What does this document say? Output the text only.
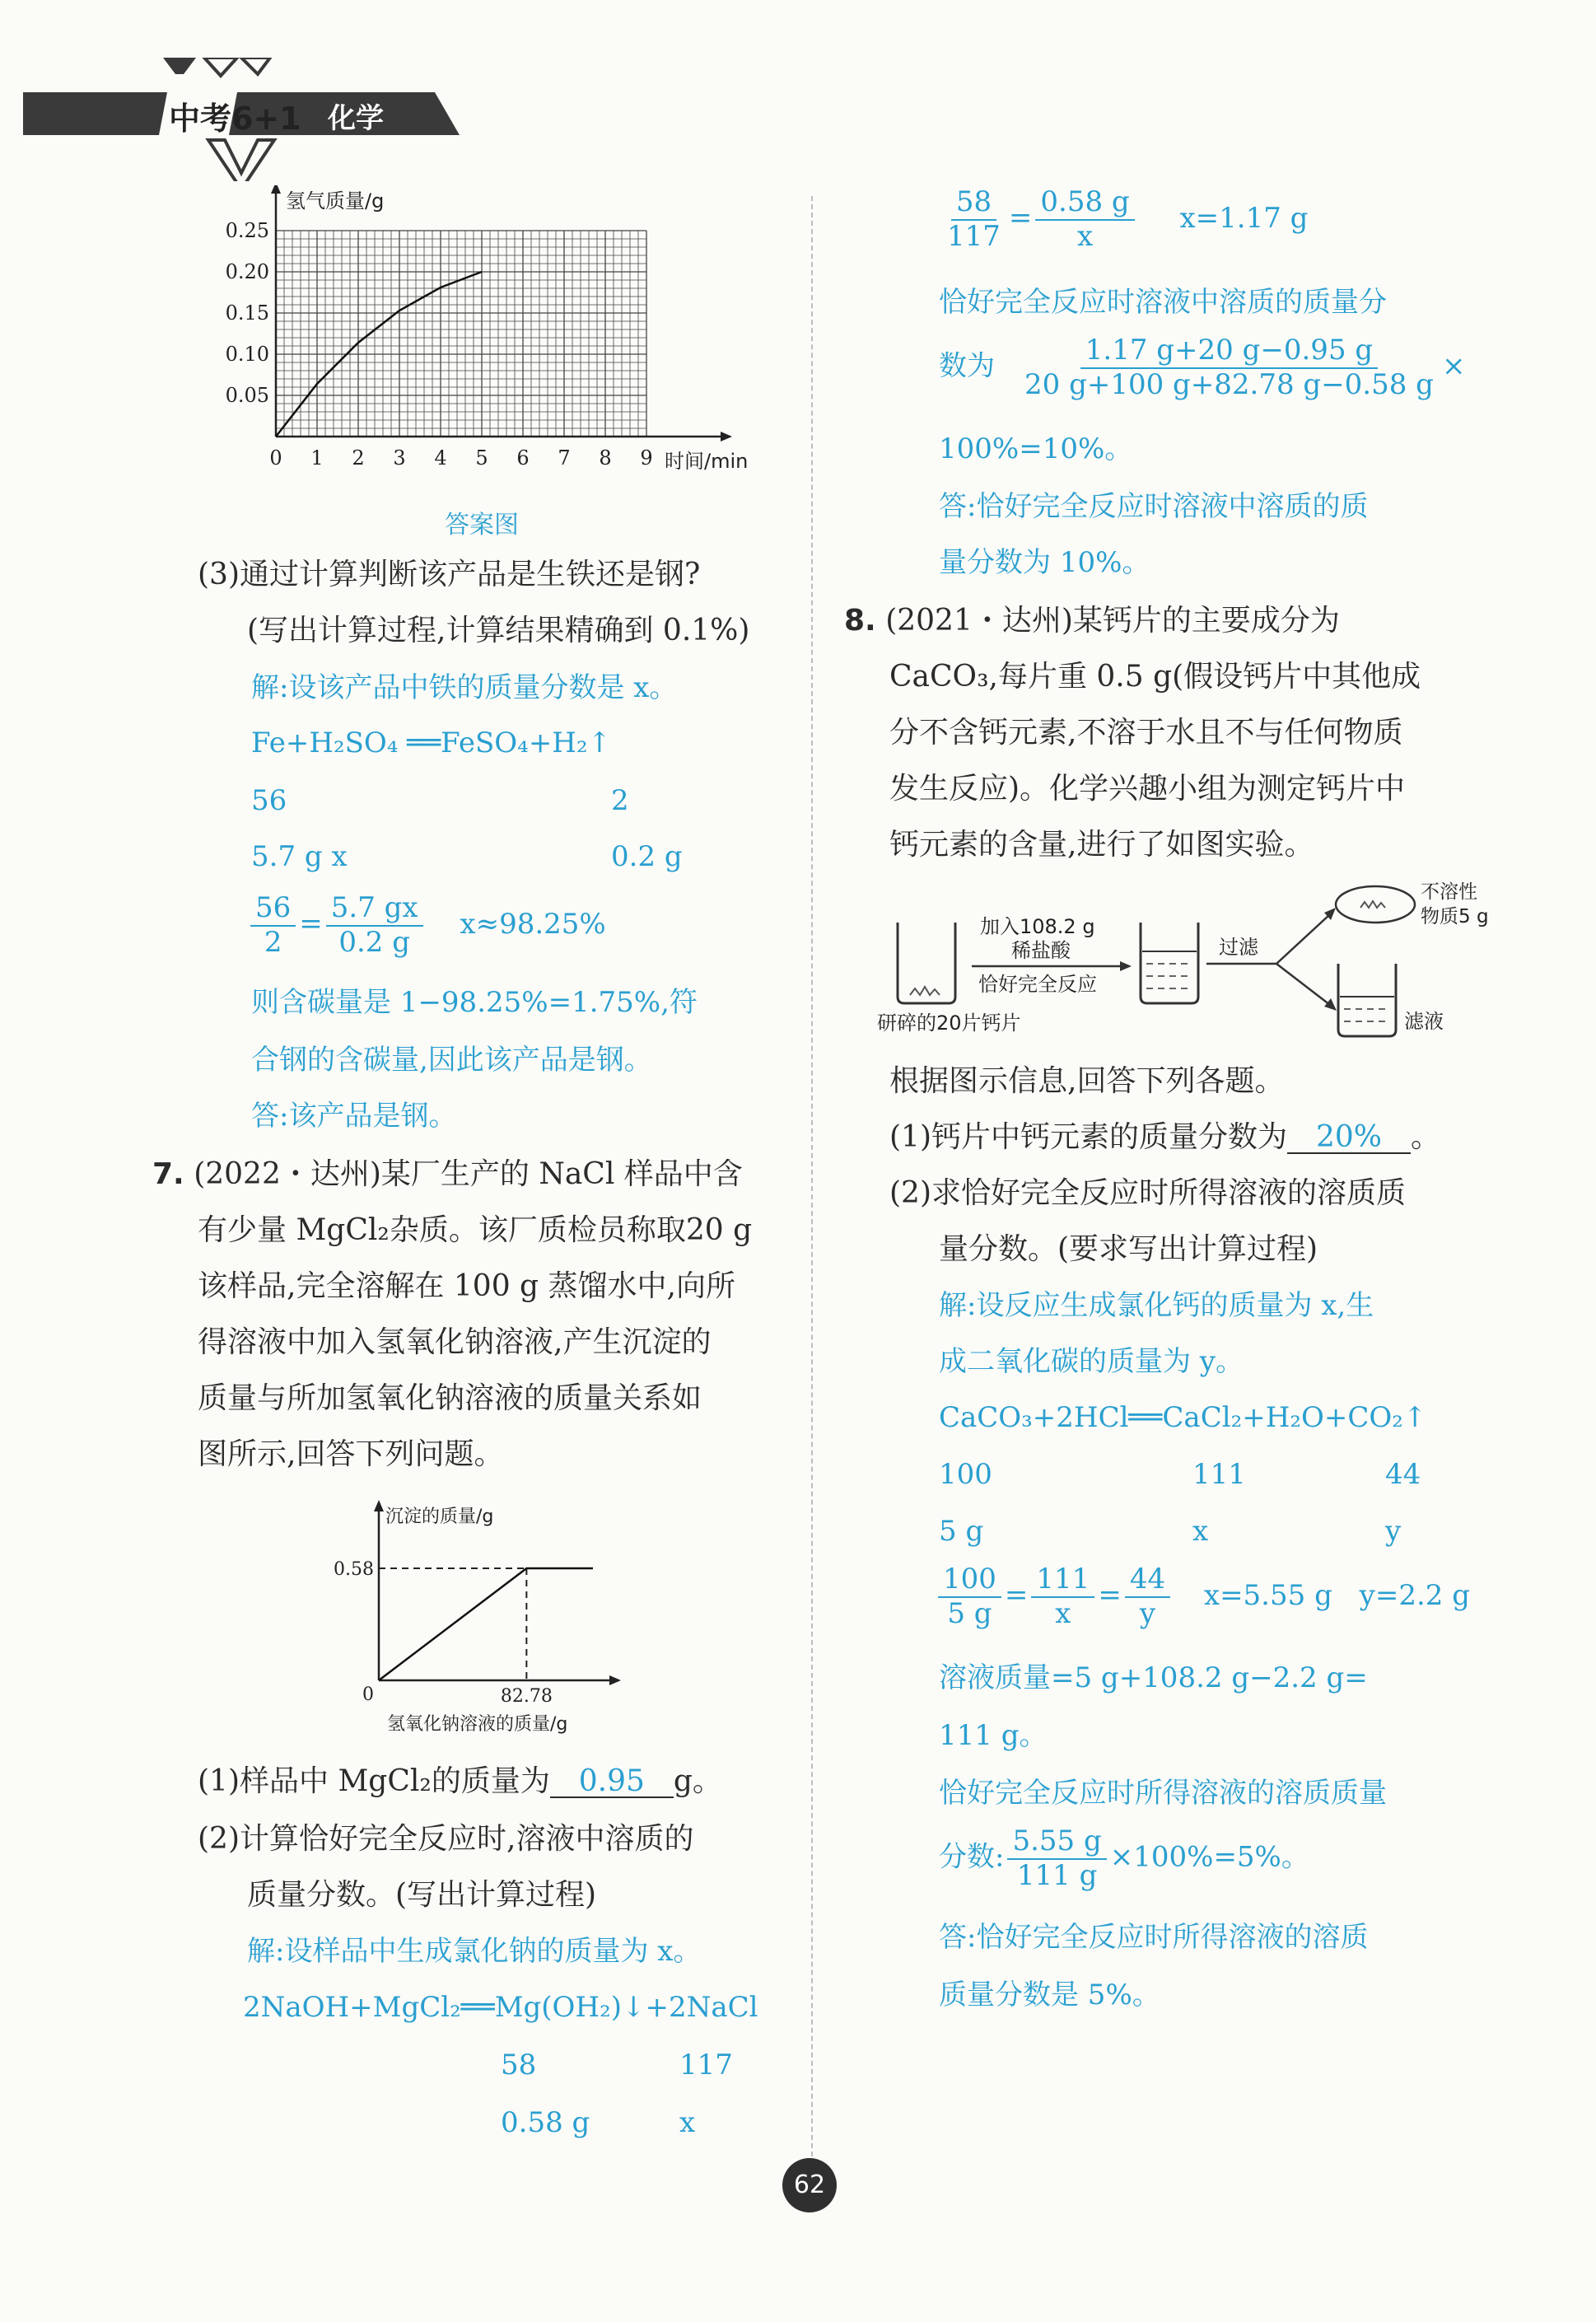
中考6+1 化学
0.25
0.20
0.15
0.10
0.05
0 1 2 3 4 5 6 7 8 9
氢气质量/g
时间/min
答案图
(3)通过计算判断该产品是生铁还是钢?
(写出计算过程,计算结果精确到 0.1%)
解:设该产品中铁的质量分数是 x。
Fe+H₂SO₄ ══FeSO₄+H₂↑
56	2
5.7 g x	0.2 g
$\frac{56}{2} = \frac{5.7 gx}{0.2 g} x\approx 98.25\%$
则含碳量是 1−98.25%=1.75%,符
合钢的含碳量,因此该产品是钢。
答:该产品是钢。
7. (2022・达州)某厂生产的 NaCl 样品中含
有少量 MgCl₂杂质。该厂质检员称取20 g
该样品,完全溶解在 100 g 蒸馏水中,向所
得溶液中加入氢氧化钠溶液,产生沉淀的
质量与所加氢氧化钠溶液的质量关系如
图所示,回答下列问题。
0.58
82.78
0
沉淀的质量/g
氢氧化钠溶液的质量/g
(1)样品中 MgCl₂的质量为 0.95 g。
(2)计算恰好完全反应时,溶液中溶质的
质量分数。(写出计算过程)
解:设样品中生成氯化钠的质量为 x。
2NaOH+MgCl₂══Mg(OH₂)↓+2NaCl
58	117
0.58 g	x
$\frac{58}{117} = \frac{0.58 g}{x} x=1.17$ g
恰好完全反应时溶液中溶质的质量分
数为 $\frac{1.17 g+20 g-0.95 g}{20 g+100 g+82.78 g-0.58 g}$ ×
100%=10%。
答:恰好完全反应时溶液中溶质的质
量分数为 10%。
8. (2021・达州)某钙片的主要成分为
CaCO₃,每片重 0.5 g(假设钙片中其他成
分不含钙元素,不溶于水且不与任何物质
发生反应)。化学兴趣小组为测定钙片中
钙元素的含量,进行了如图实验。
加入108.2 g
稀盐酸
恰好完全反应
研碎的20片钙片
过滤
不溶性
物质5 g
滤液
根据图示信息,回答下列各题。
(1)钙片中钙元素的质量分数为 20% 。
(2)求恰好完全反应时所得溶液的溶质质
量分数。(要求写出计算过程)
解:设反应生成氯化钙的质量为 x,生
成二氧化碳的质量为 y。
CaCO₃+2HCl══CaCl₂+H₂O+CO₂↑
100	111	44
5 g	x	y
$\frac{100}{5 g} = \frac{111}{x} = \frac{44}{y} x=5.55$ g y=2.2 g
溶液质量=5 g+108.2 g−2.2 g=
111 g。
恰好完全反应时所得溶液的溶质质量
分数: $\frac{5.55 g}{111 g} \times 100\%=5\%$。
答:恰好完全反应时所得溶液的溶质
质量分数是 5%。
62
